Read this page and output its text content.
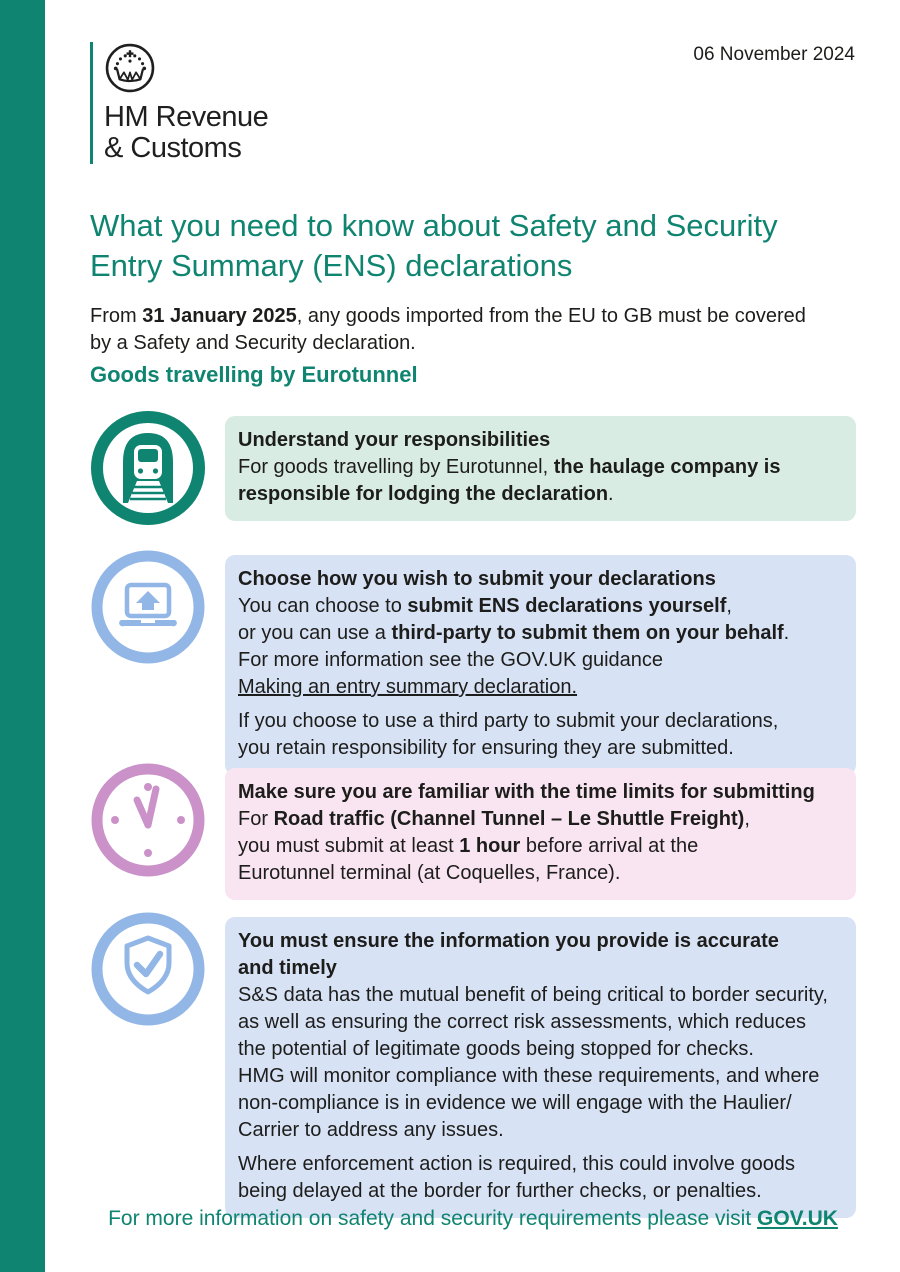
06 November 2024
HM Revenue
& Customs
What you need to know about Safety and Security
Entry Summary (ENS) declarations
From 31 January 2025, any goods imported from the EU to GB must be covered
by a Safety and Security declaration.
Goods travelling by Eurotunnel
Understand your responsibilities
For goods travelling by Eurotunnel, the haulage company is
responsible for lodging the declaration.
Choose how you wish to submit your declarations
You can choose to submit ENS declarations yourself,
or you can use a third-party to submit them on your behalf.
For more information see the GOV.UK guidance
Making an entry summary declaration.
If you choose to use a third party to submit your declarations,
you retain responsibility for ensuring they are submitted.
Make sure you are familiar with the time limits for submitting
For Road traffic (Channel Tunnel – Le Shuttle Freight),
you must submit at least 1 hour before arrival at the
Eurotunnel terminal (at Coquelles, France).
You must ensure the information you provide is accurate
and timely
S&S data has the mutual benefit of being critical to border security,
as well as ensuring the correct risk assessments, which reduces
the potential of legitimate goods being stopped for checks.
HMG will monitor compliance with these requirements, and where
non-compliance is in evidence we will engage with the Haulier/
Carrier to address any issues.
Where enforcement action is required, this could involve goods
being delayed at the border for further checks, or penalties.
For more information on safety and security requirements please visit GOV.UK
